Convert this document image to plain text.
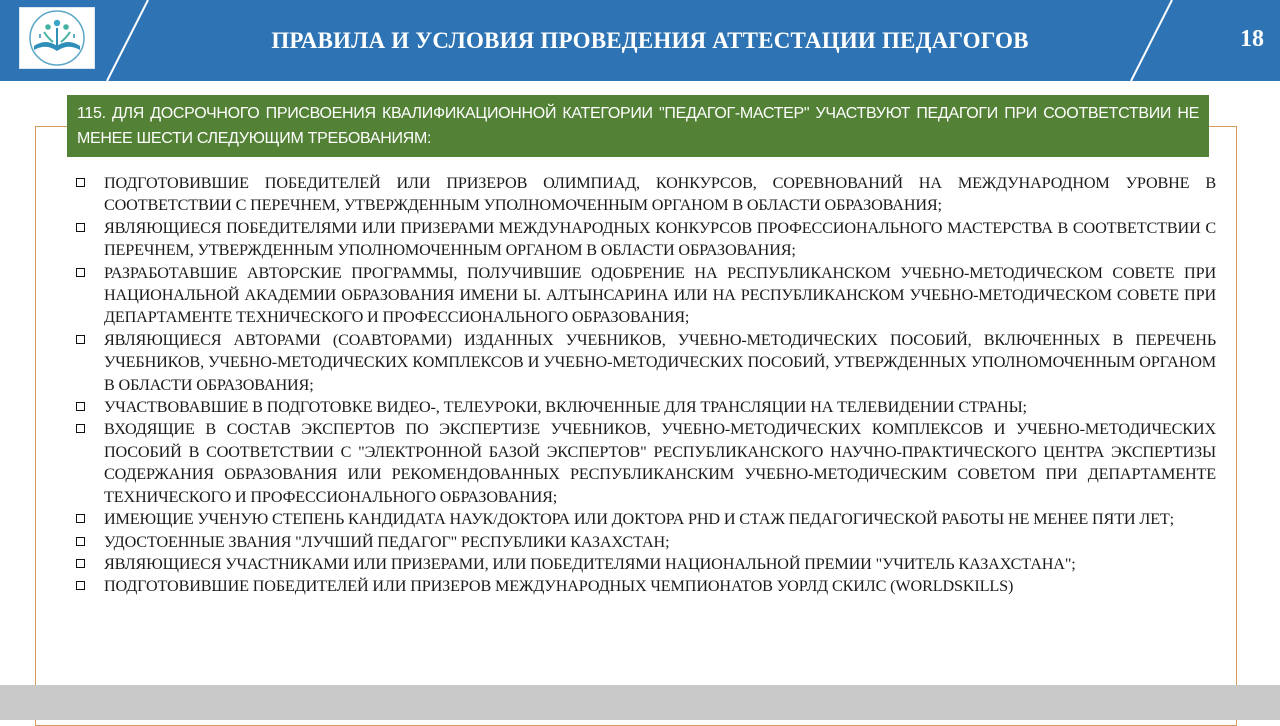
ПРАВИЛА И УСЛОВИЯ ПРОВЕДЕНИЯ АТТЕСТАЦИИ ПЕДАГОГОВ	18
115. ДЛЯ ДОСРОЧНОГО ПРИСВОЕНИЯ КВАЛИФИКАЦИОННОЙ КАТЕГОРИИ "ПЕДАГОГ-МАСТЕР" УЧАСТВУЮТ ПЕДАГОГИ ПРИ СООТВЕТСТВИИ НЕ МЕНЕЕ ШЕСТИ СЛЕДУЮЩИМ ТРЕБОВАНИЯМ:
ПОДГОТОВИВШИЕ ПОБЕДИТЕЛЕЙ ИЛИ ПРИЗЕРОВ ОЛИМПИАД, КОНКУРСОВ, СОРЕВНОВАНИЙ НА МЕЖДУНАРОДНОМ УРОВНЕ В СООТВЕТСТВИИ С ПЕРЕЧНЕМ, УТВЕРЖДЕННЫМ УПОЛНОМОЧЕННЫМ ОРГАНОМ В ОБЛАСТИ ОБРАЗОВАНИЯ;
ЯВЛЯЮЩИЕСЯ ПОБЕДИТЕЛЯМИ ИЛИ ПРИЗЕРАМИ МЕЖДУНАРОДНЫХ КОНКУРСОВ ПРОФЕССИОНАЛЬНОГО МАСТЕРСТВА В СООТВЕТСТВИИ С ПЕРЕЧНЕМ, УТВЕРЖДЕННЫМ УПОЛНОМОЧЕННЫМ ОРГАНОМ В ОБЛАСТИ ОБРАЗОВАНИЯ;
РАЗРАБОТАВШИЕ АВТОРСКИЕ ПРОГРАММЫ, ПОЛУЧИВШИЕ ОДОБРЕНИЕ НА РЕСПУБЛИКАНСКОМ УЧЕБНО-МЕТОДИЧЕСКОМ СОВЕТЕ ПРИ НАЦИОНАЛЬНОЙ АКАДЕМИИ ОБРАЗОВАНИЯ ИМЕНИ Ы. АЛТЫНСАРИНА ИЛИ НА РЕСПУБЛИКАНСКОМ УЧЕБНО-МЕТОДИЧЕСКОМ СОВЕТЕ ПРИ ДЕПАРТАМЕНТЕ ТЕХНИЧЕСКОГО И ПРОФЕССИОНАЛЬНОГО ОБРАЗОВАНИЯ;
ЯВЛЯЮЩИЕСЯ АВТОРАМИ (СОАВТОРАМИ) ИЗДАННЫХ УЧЕБНИКОВ, УЧЕБНО-МЕТОДИЧЕСКИХ ПОСОБИЙ, ВКЛЮЧЕННЫХ В ПЕРЕЧЕНЬ УЧЕБНИКОВ, УЧЕБНО-МЕТОДИЧЕСКИХ КОМПЛЕКСОВ И УЧЕБНО-МЕТОДИЧЕСКИХ ПОСОБИЙ, УТВЕРЖДЕННЫХ УПОЛНОМОЧЕННЫМ ОРГАНОМ В ОБЛАСТИ ОБРАЗОВАНИЯ;
УЧАСТВОВАВШИЕ В ПОДГОТОВКЕ ВИДЕО-, ТЕЛЕУРОКИ, ВКЛЮЧЕННЫЕ ДЛЯ ТРАНСЛЯЦИИ НА ТЕЛЕВИДЕНИИ СТРАНЫ;
ВХОДЯЩИЕ В СОСТАВ ЭКСПЕРТОВ ПО ЭКСПЕРТИЗЕ УЧЕБНИКОВ, УЧЕБНО-МЕТОДИЧЕСКИХ КОМПЛЕКСОВ И УЧЕБНО-МЕТОДИЧЕСКИХ ПОСОБИЙ В СООТВЕТСТВИИ С "ЭЛЕКТРОННОЙ БАЗОЙ ЭКСПЕРТОВ" РЕСПУБЛИКАНСКОГО НАУЧНО-ПРАКТИЧЕСКОГО ЦЕНТРА ЭКСПЕРТИЗЫ СОДЕРЖАНИЯ ОБРАЗОВАНИЯ ИЛИ РЕКОМЕНДОВАННЫХ РЕСПУБЛИКАНСКИМ УЧЕБНО-МЕТОДИЧЕСКИМ СОВЕТОМ ПРИ ДЕПАРТАМЕНТЕ ТЕХНИЧЕСКОГО И ПРОФЕССИОНАЛЬНОГО ОБРАЗОВАНИЯ;
ИМЕЮЩИЕ УЧЕНУЮ СТЕПЕНЬ КАНДИДАТА НАУК/ДОКТОРА ИЛИ ДОКТОРА PHD И СТАЖ ПЕДАГОГИЧЕСКОЙ РАБОТЫ НЕ МЕНЕЕ ПЯТИ ЛЕТ;
УДОСТОЕННЫЕ ЗВАНИЯ "ЛУЧШИЙ ПЕДАГОГ" РЕСПУБЛИКИ КАЗАХСТАН;
ЯВЛЯЮЩИЕСЯ УЧАСТНИКАМИ ИЛИ ПРИЗЕРАМИ, ИЛИ ПОБЕДИТЕЛЯМИ НАЦИОНАЛЬНОЙ ПРЕМИИ "УЧИТЕЛЬ КАЗАХСТАНА";
ПОДГОТОВИВШИЕ ПОБЕДИТЕЛЕЙ ИЛИ ПРИЗЕРОВ МЕЖДУНАРОДНЫХ ЧЕМПИОНАТОВ УОРЛД СКИЛС (WORLDSKILLS)
